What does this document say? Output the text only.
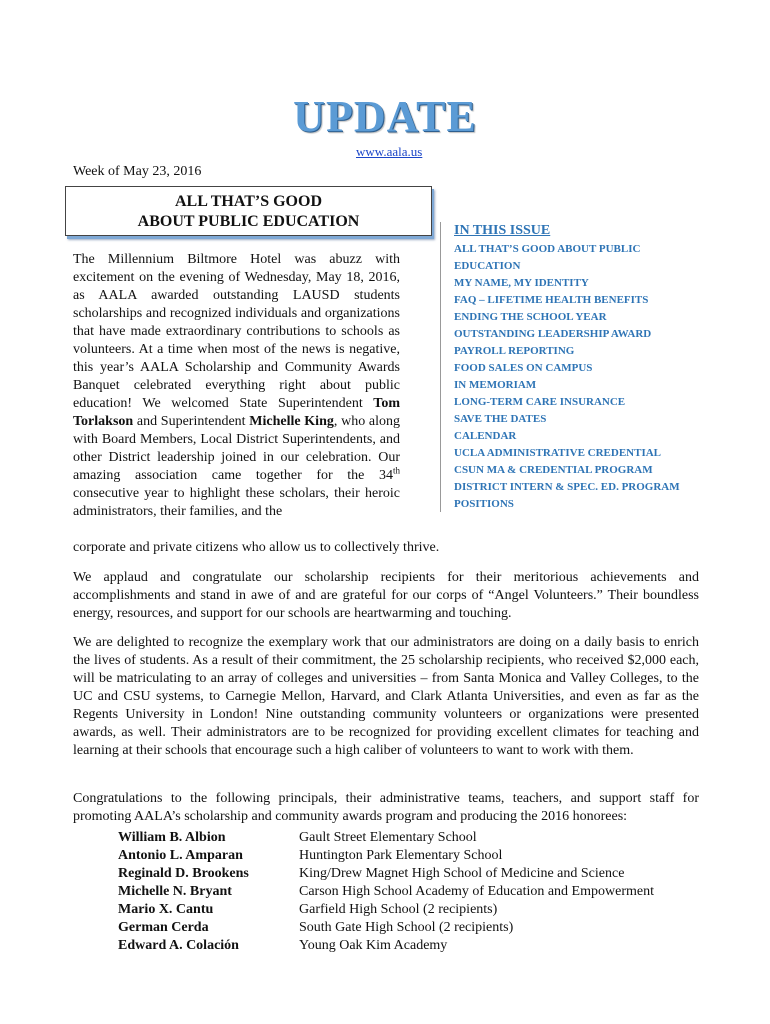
UPDATE
www.aala.us
Week of May 23, 2016
ALL THAT’S GOOD
ABOUT PUBLIC EDUCATION
IN THIS ISSUE
ALL THAT’S GOOD ABOUT PUBLIC
EDUCATION
MY NAME, MY IDENTITY
FAQ – LIFETIME HEALTH BENEFITS
ENDING THE SCHOOL YEAR
OUTSTANDING LEADERSHIP AWARD
PAYROLL REPORTING
FOOD SALES ON CAMPUS
IN MEMORIAM
LONG-TERM CARE INSURANCE
SAVE THE DATES
CALENDAR
UCLA ADMINISTRATIVE CREDENTIAL
CSUN MA & CREDENTIAL PROGRAM
DISTRICT INTERN & SPEC. ED. PROGRAM
POSITIONS

The Millennium Biltmore Hotel was abuzz with excitement on the evening of Wednesday, May 18, 2016, as AALA awarded outstanding LAUSD students scholarships and recognized individuals and organizations that have made extraordinary contributions to schools as volunteers. At a time when most of the news is negative, this year’s AALA Scholarship and Community Awards Banquet celebrated everything right about public education! We welcomed State Superintendent Tom Torlakson and Superintendent Michelle King, who along with Board Members, Local District Superintendents, and other District leadership joined in our celebration. Our amazing association came together for the 34th consecutive year to highlight these scholars, their heroic administrators, their families, and the

corporate and private citizens who allow us to collectively thrive.

We applaud and congratulate our scholarship recipients for their meritorious achievements and accomplishments and stand in awe of and are grateful for our corps of “Angel Volunteers.” Their boundless energy, resources, and support for our schools are heartwarming and touching.

We are delighted to recognize the exemplary work that our administrators are doing on a daily basis to enrich the lives of students. As a result of their commitment, the 25 scholarship recipients, who received $2,000 each, will be matriculating to an array of colleges and universities – from Santa Monica and Valley Colleges, to the UC and CSU systems, to Carnegie Mellon, Harvard, and Clark Atlanta Universities, and even as far as the Regents University in London! Nine outstanding community volunteers or organizations were presented awards, as well. Their administrators are to be recognized for providing excellent climates for teaching and learning at their schools that encourage such a high caliber of volunteers to want to work with them.

Congratulations to the following principals, their administrative teams, teachers, and support staff for promoting AALA’s scholarship and community awards program and producing the 2016 honorees:

William B. Albion	Gault Street Elementary School
Antonio L. Amparan	Huntington Park Elementary School
Reginald D. Brookens	King/Drew Magnet High School of Medicine and Science
Michelle N. Bryant	Carson High School Academy of Education and Empowerment
Mario X. Cantu	Garfield High School (2 recipients)
German Cerda	South Gate High School (2 recipients)
Edward A. Colación	Young Oak Kim Academy
